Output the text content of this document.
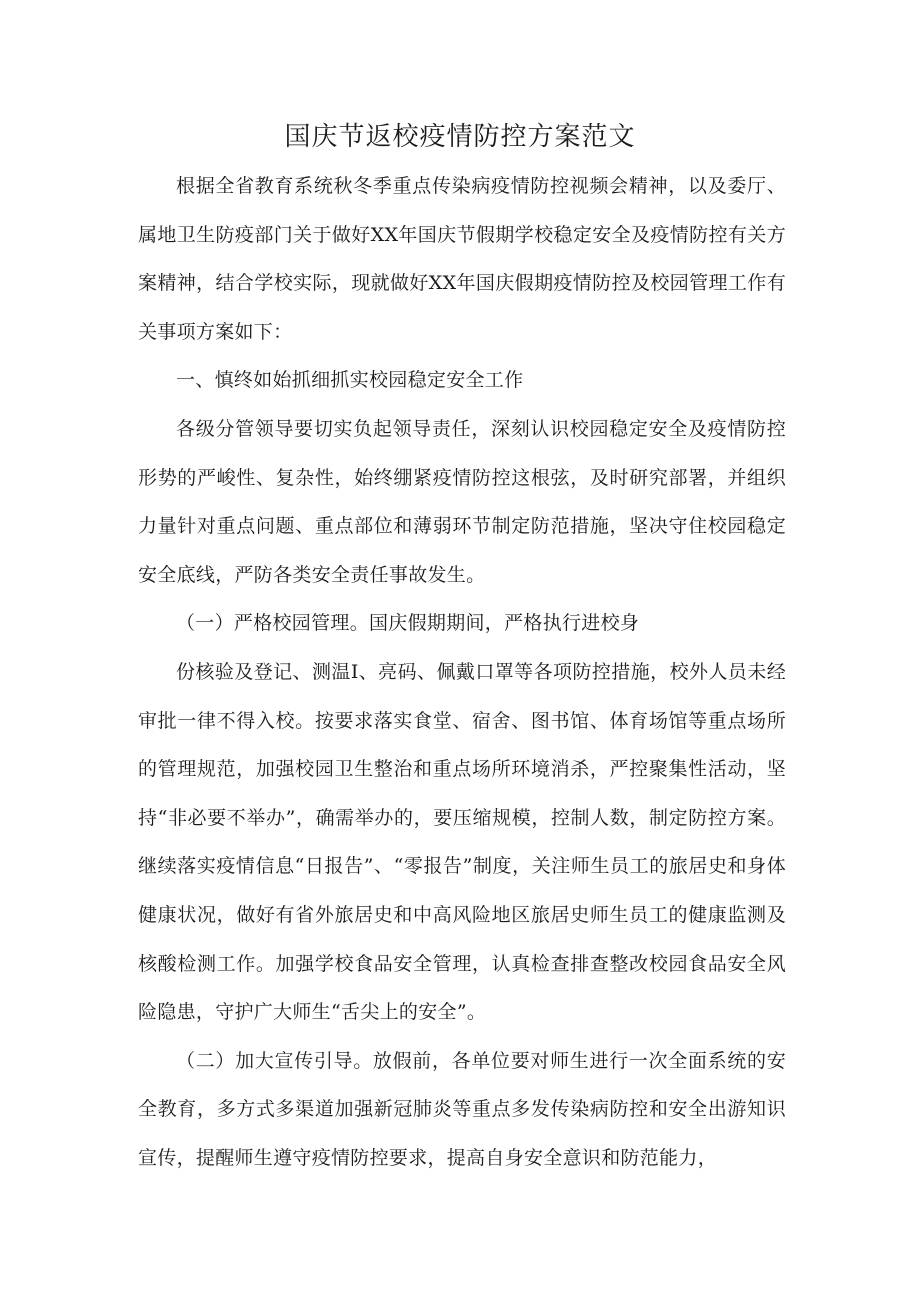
国庆节返校疫情防控方案范文

根据全省教育系统秋冬季重点传染病疫情防控视频会精神，以及委厅、属地卫生防疫部门关于做好XX年国庆节假期学校稳定安全及疫情防控有关方案精神，结合学校实际，现就做好XX年国庆假期疫情防控及校园管理工作有关事项方案如下：

一、慎终如始抓细抓实校园稳定安全工作

各级分管领导要切实负起领导责任，深刻认识校园稳定安全及疫情防控形势的严峻性、复杂性，始终绷紧疫情防控这根弦，及时研究部署，并组织力量针对重点问题、重点部位和薄弱环节制定防范措施，坚决守住校园稳定安全底线，严防各类安全责任事故发生。

（一）严格校园管理。国庆假期期间，严格执行进校身

份核验及登记、测温I、亮码、佩戴口罩等各项防控措施，校外人员未经审批一律不得入校。按要求落实食堂、宿舍、图书馆、体育场馆等重点场所的管理规范，加强校园卫生整治和重点场所环境消杀，严控聚集性活动，坚持“非必要不举办”，确需举办的，要压缩规模，控制人数，制定防控方案。继续落实疫情信息“日报告”、“零报告”制度，关注师生员工的旅居史和身体健康状况，做好有省外旅居史和中高风险地区旅居史师生员工的健康监测及核酸检测工作。加强学校食品安全管理，认真检查排查整改校园食品安全风险隐患，守护广大师生“舌尖上的安全”。

（二）加大宣传引导。放假前，各单位要对师生进行一次全面系统的安全教育，多方式多渠道加强新冠肺炎等重点多发传染病防控和安全出游知识宣传，提醒师生遵守疫情防控要求，提高自身安全意识和防范能力，
